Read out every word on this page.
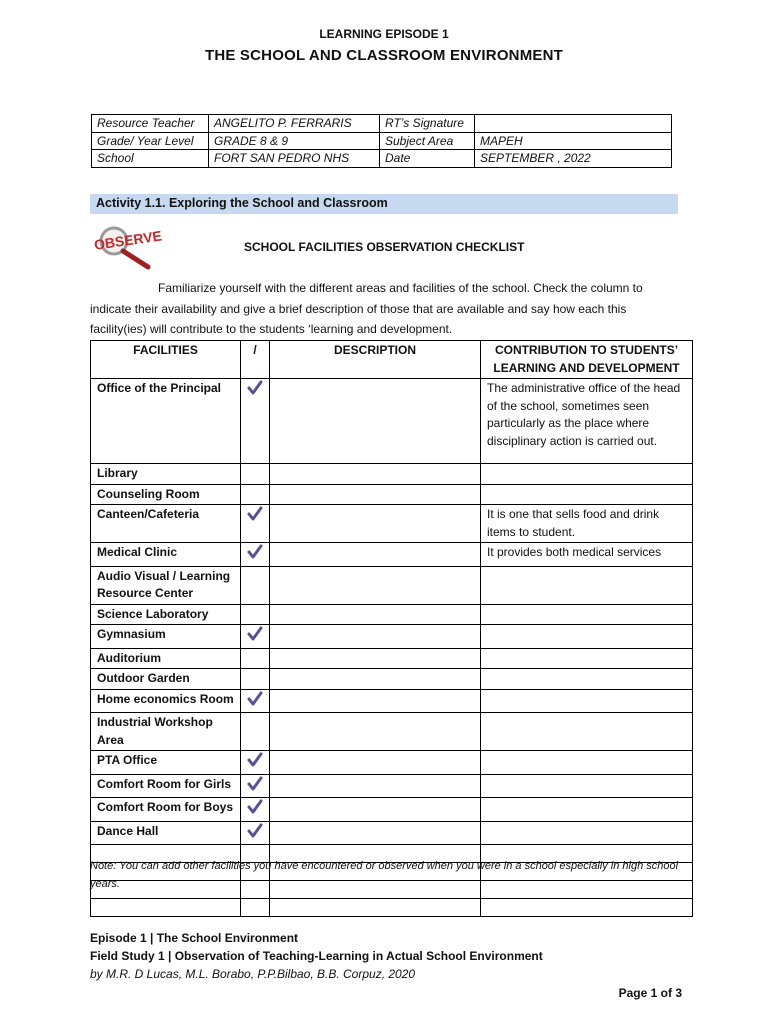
LEARNING EPISODE 1
THE SCHOOL AND CLASSROOM ENVIRONMENT
Resource Teacher	ANGELITO P. FERRARIS	RT’s Signature	
Grade/ Year Level	GRADE 8 & 9	Subject Area	MAPEH
School	FORT SAN PEDRO NHS	Date	SEPTEMBER , 2022
Activity 1.1. Exploring the School and Classroom
OBSERVE	SCHOOL FACILITIES OBSERVATION CHECKLIST
Familiarize yourself with the different areas and facilities of the school. Check the column to indicate their availability and give a brief description of those that are available and say how each this facility(ies) will contribute to the students ‘learning and development.
FACILITIES	/	DESCRIPTION	CONTRIBUTION TO STUDENTS’ LEARNING AND DEVELOPMENT
Office of the Principal			The administrative office of the head of the school, sometimes seen particularly as the place where disciplinary action is carried out.
Library			
Counseling Room			
Canteen/Cafeteria			It is one that sells food and drink items to student.
Medical Clinic			It provides both medical services
Audio Visual / Learning Resource Center			
Science Laboratory			
Gymnasium			
Auditorium			
Outdoor Garden			
Home economics Room			
Industrial Workshop Area			
PTA Office			
Comfort Room for Girls			
Comfort Room for Boys			
Dance Hall			

Note: You can add other facilities you have encountered or observed when you were in a school especially in high school years.
Episode 1 | The School Environment
Field Study 1 | Observation of Teaching-Learning in Actual School Environment
by M.R. D Lucas, M.L. Borabo, P.P.Bilbao, B.B. Corpuz, 2020
Page 1 of 3
